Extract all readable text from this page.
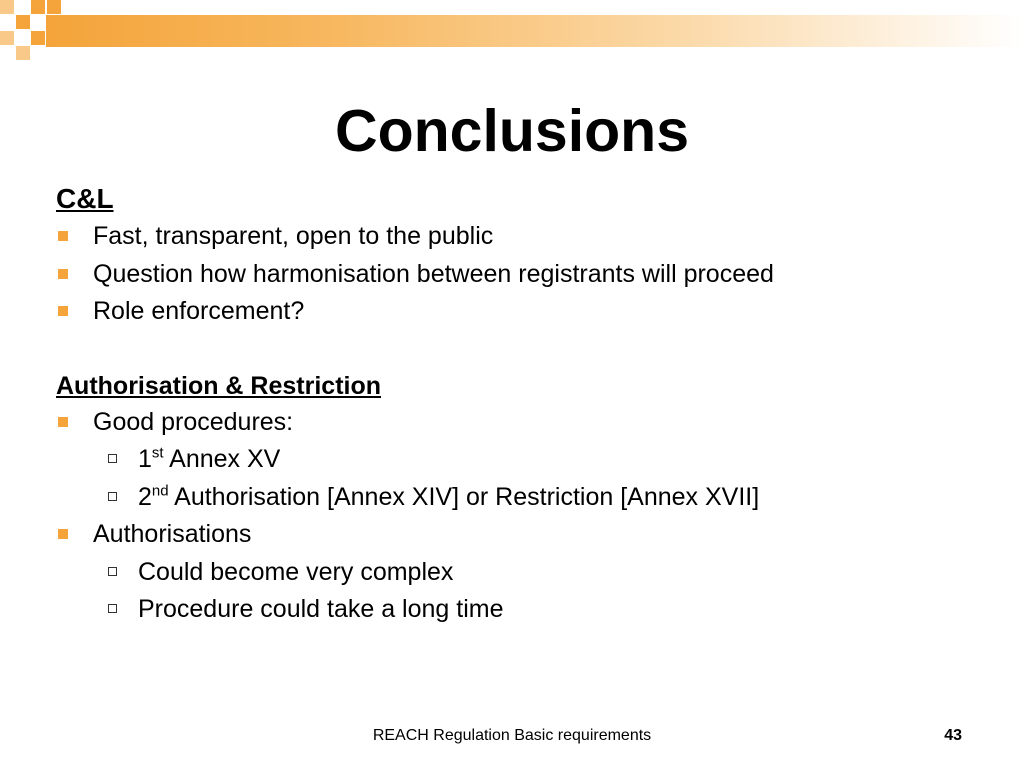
Conclusions
C&L
Fast, transparent, open to the public
Question how harmonisation between registrants will proceed
Role enforcement?
Authorisation & Restriction
Good procedures:
1st Annex XV
2nd Authorisation [Annex XIV] or Restriction [Annex XVII]
Authorisations
Could become very complex
Procedure could take a long time
REACH Regulation Basic requirements	43
